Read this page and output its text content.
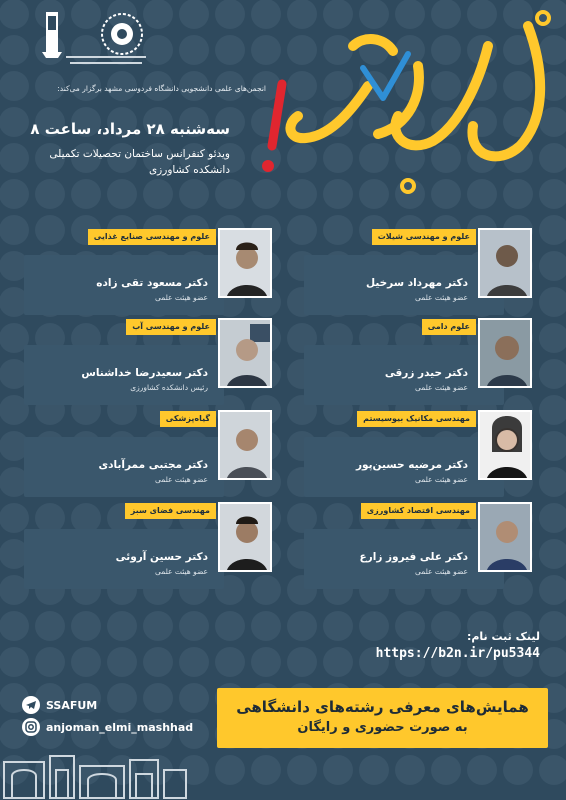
انجمن‌های علمی دانشجویی دانشگاه فردوسی مشهد برگزار می‌کند:
سه‌شنبه ۲۸ مرداد، ساعت ۸
ویدئو کنفرانس ساختمان تحصیلات تکمیلی
دانشکده کشاورزی
علوم و مهندسی شیلات
دکتر مهرداد سرخیل
عضو هیئت علمی
علوم دامی
دکتر حیدر زرقی
عضو هیئت علمی
مهندسی مکانیک بیوسیستم
دکتر مرضیه حسین‌پور
عضو هیئت علمی
مهندسی اقتصاد کشاورزی
دکتر علی فیروز زارع
عضو هیئت علمی
علوم و مهندسی صنایع غذایی
دکتر مسعود تقی زاده
عضو هیئت علمی
علوم و مهندسی آب
دکتر سعیدرضا خداشناس
رئیس دانشکده کشاورزی
گیاه‌پزشکی
دکتر مجتبی ممرآبادی
عضو هیئت علمی
مهندسی فضای سبز
دکتر حسین آروئی
عضو هیئت علمی
لینک ثبت نام:
https://b2n.ir/pu5344
SSAFUM
anjoman_elmi_mashhad
همایش‌های معرفی رشته‌های دانشگاهی
به صورت حضوری و رایگان
